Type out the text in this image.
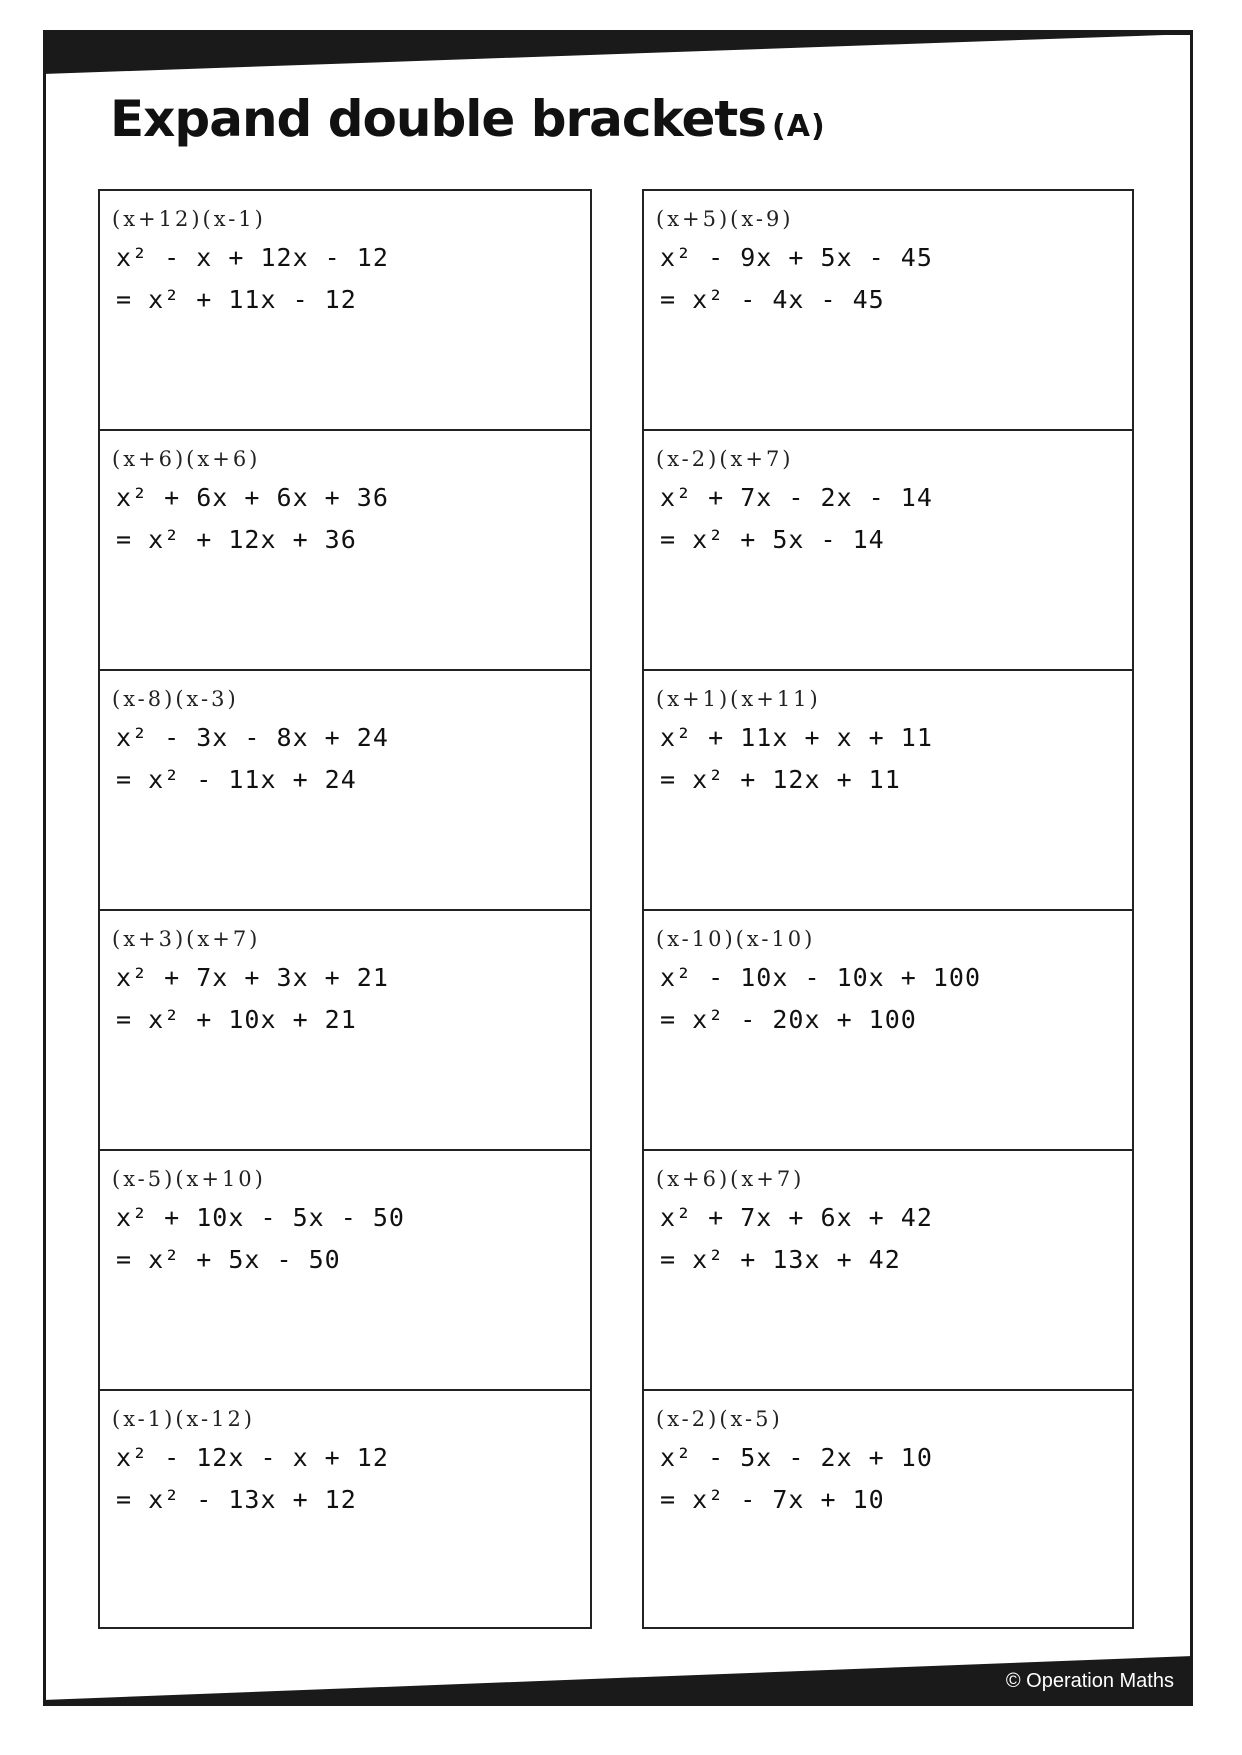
Expand double brackets (A)

(x+12)(x-1)

x² - x + 12x - 12

= x² + 11x - 12

(x+6)(x+6)

x² + 6x + 6x + 36

= x² + 12x + 36

(x-8)(x-3)

x² - 3x - 8x + 24

= x² - 11x + 24

(x+3)(x+7)

x² + 7x + 3x + 21

= x² + 10x + 21

(x-5)(x+10)

x² + 10x - 5x - 50

= x² + 5x - 50

(x-1)(x-12)

x² - 12x - x + 12

= x² - 13x + 12

(x+5)(x-9)

x² - 9x + 5x - 45

= x² - 4x - 45

(x-2)(x+7)

x² + 7x - 2x - 14

= x² + 5x - 14

(x+1)(x+11)

x² + 11x + x + 11

= x² + 12x + 11

(x-10)(x-10)

x² - 10x - 10x + 100

= x² - 20x + 100

(x+6)(x+7)

x² + 7x + 6x + 42

= x² + 13x + 42

(x-2)(x-5)

x² - 5x - 2x + 10

= x² - 7x + 10

© Operation Maths
